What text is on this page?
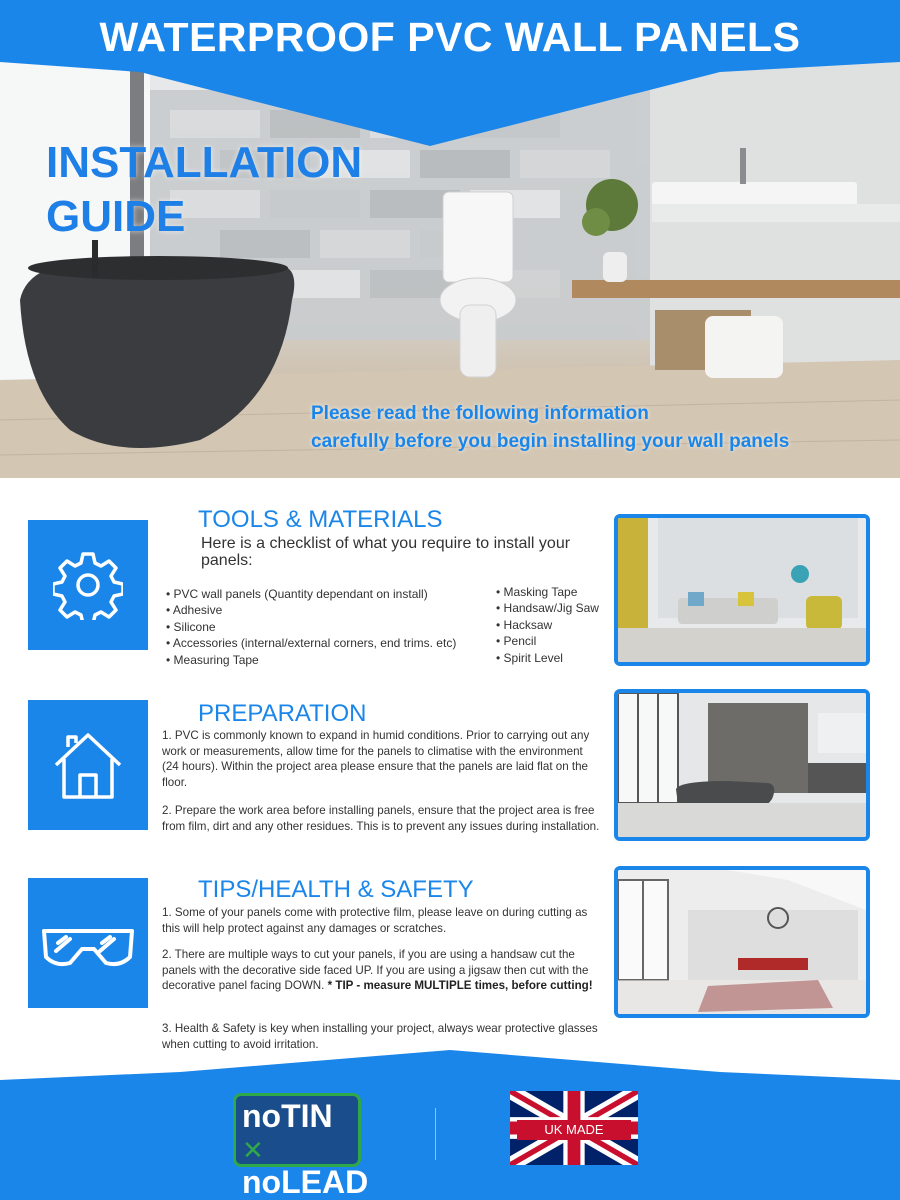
WATERPROOF PVC WALL PANELS
INSTALLATION
GUIDE
Please read the following information
carefully before you begin installing your wall panels
TOOLS & MATERIALS
Here is a checklist of what you require to install your panels:
• PVC wall panels (Quantity dependant on install)
• Adhesive
• Silicone
• Accessories (internal/external corners, end trims. etc)
• Measuring Tape
• Masking Tape
• Handsaw/Jig Saw
• Hacksaw
• Pencil
• Spirit Level
PREPARATION
1. PVC is commonly known to expand in humid conditions. Prior to carrying out any work or measurements, allow time for the panels to climatise with the environment (24 hours). Within the project area please ensure that the panels are laid flat on the floor.
2. Prepare the work area before installing panels, ensure that the project area is free from film, dirt and any other residues. This is to prevent any issues during installation.
TIPS/HEALTH & SAFETY
1. Some of your panels come with protective film, please leave on during cutting as this will help protect against any damages or scratches.
2. There are multiple ways to cut your panels, if you are using a handsaw cut the panels with the decorative side faced UP. If you are using a jigsaw then cut with the decorative panel facing DOWN. * TIP - measure MULTIPLE times, before cutting!
3. Health & Safety is key when installing your project, always wear protective glasses when cutting to avoid irritation.
noTIN ✕
noLEAD
UK MADE
